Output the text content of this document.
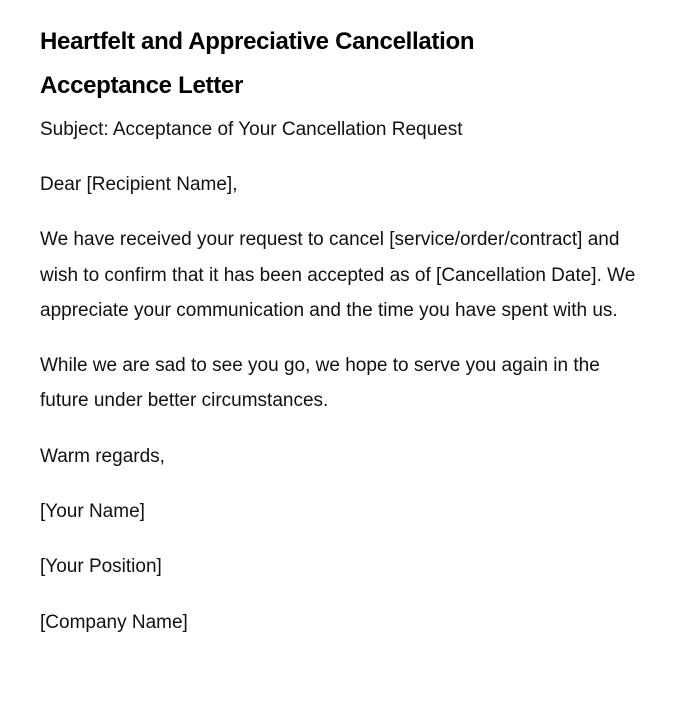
Heartfelt and Appreciative Cancellation
Acceptance Letter

Subject: Acceptance of Your Cancellation Request

Dear [Recipient Name],

We have received your request to cancel [service/order/contract] and wish to confirm that it has been accepted as of [Cancellation Date]. We appreciate your communication and the time you have spent with us.

While we are sad to see you go, we hope to serve you again in the future under better circumstances.

Warm regards,

[Your Name]

[Your Position]

[Company Name]
